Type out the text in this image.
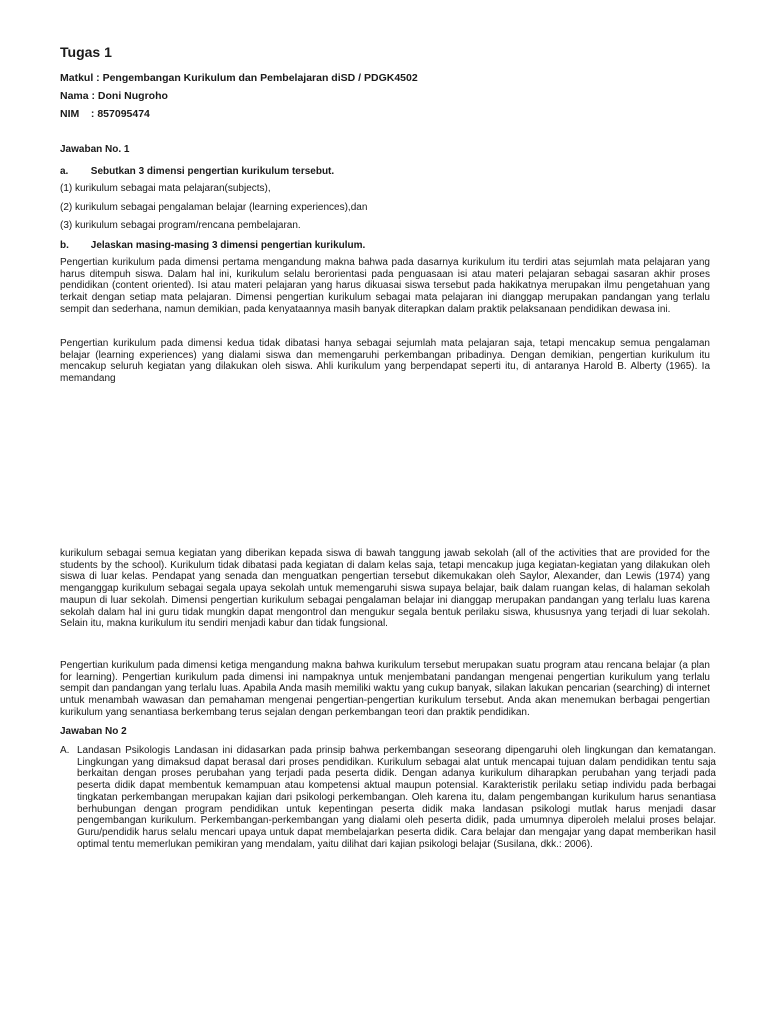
Tugas 1
Matkul : Pengembangan Kurikulum dan Pembelajaran diSD / PDGK4502
Nama : Doni Nugroho
NIM : 857095474
Jawaban No. 1
a. Sebutkan 3 dimensi pengertian kurikulum tersebut.
(1) kurikulum sebagai mata pelajaran(subjects),
(2) kurikulum sebagai pengalaman belajar (learning experiences),dan
(3) kurikulum sebagai program/rencana pembelajaran.
b. Jelaskan masing-masing 3 dimensi pengertian kurikulum.

Pengertian kurikulum pada dimensi pertama mengandung makna bahwa pada dasarnya kurikulum itu terdiri atas sejumlah mata pelajaran yang harus ditempuh siswa. Dalam hal ini, kurikulum selalu berorientasi pada penguasaan isi atau materi pelajaran sebagai sasaran akhir proses pendidikan (content oriented). Isi atau materi pelajaran yang harus dikuasai siswa tersebut pada hakikatnya merupakan ilmu pengetahuan yang terkait dengan setiap mata pelajaran. Dimensi pengertian kurikulum sebagai mata pelajaran ini dianggap merupakan pandangan yang terlalu sempit dan sederhana, namun demikian, pada kenyataannya masih banyak diterapkan dalam praktik pelaksanaan pendidikan dewasa ini.

Pengertian kurikulum pada dimensi kedua tidak dibatasi hanya sebagai sejumlah mata pelajaran saja, tetapi mencakup semua pengalaman belajar (learning experiences) yang dialami siswa dan memengaruhi perkembangan pribadinya. Dengan demikian, pengertian kurikulum itu mencakup seluruh kegiatan yang dilakukan oleh siswa. Ahli kurikulum yang berpendapat seperti itu, di antaranya Harold B. Alberty (1965). Ia memandang

kurikulum sebagai semua kegiatan yang diberikan kepada siswa di bawah tanggung jawab sekolah (all of the activities that are provided for the students by the school). Kurikulum tidak dibatasi pada kegiatan di dalam kelas saja, tetapi mencakup juga kegiatan-kegiatan yang dilakukan oleh siswa di luar kelas. Pendapat yang senada dan menguatkan pengertian tersebut dikemukakan oleh Saylor, Alexander, dan Lewis (1974) yang menganggap kurikulum sebagai segala upaya sekolah untuk memengaruhi siswa supaya belajar, baik dalam ruangan kelas, di halaman sekolah maupun di luar sekolah. Dimensi pengertian kurikulum sebagai pengalaman belajar ini dianggap merupakan pandangan yang terlalu luas karena sekolah dalam hal ini guru tidak mungkin dapat mengontrol dan mengukur segala bentuk perilaku siswa, khususnya yang terjadi di luar sekolah. Selain itu, makna kurikulum itu sendiri menjadi kabur dan tidak fungsional.

Pengertian kurikulum pada dimensi ketiga mengandung makna bahwa kurikulum tersebut merupakan suatu program atau rencana belajar (a plan for learning). Pengertian kurikulum pada dimensi ini nampaknya untuk menjembatani pandangan mengenai pengertian kurikulum yang terlalu sempit dan pandangan yang terlalu luas. Apabila Anda masih memiliki waktu yang cukup banyak, silakan lakukan pencarian (searching) di internet untuk menambah wawasan dan pemahaman mengenai pengertian-pengertian kurikulum tersebut. Anda akan menemukan berbagai pengertian kurikulum yang senantiasa berkembang terus sejalan dengan perkembangan teori dan praktik pendidikan.

Jawaban No 2
A. Landasan Psikologis Landasan ini didasarkan pada prinsip bahwa perkembangan seseorang dipengaruhi oleh lingkungan dan kematangan. Lingkungan yang dimaksud dapat berasal dari proses pendidikan. Kurikulum sebagai alat untuk mencapai tujuan dalam pendidikan tentu saja berkaitan dengan proses perubahan yang terjadi pada peserta didik. Dengan adanya kurikulum diharapkan perubahan yang terjadi pada peserta didik dapat membentuk kemampuan atau kompetensi aktual maupun potensial. Karakteristik perilaku setiap individu pada berbagai tingkatan perkembangan merupakan kajian dari psikologi perkembangan. Oleh karena itu, dalam pengembangan kurikulum harus senantiasa berhubungan dengan program pendidikan untuk kepentingan peserta didik maka landasan psikologi mutlak harus menjadi dasar pengembangan kurikulum. Perkembangan-perkembangan yang dialami oleh peserta didik, pada umumnya diperoleh melalui proses belajar. Guru/pendidik harus selalu mencari upaya untuk dapat membelajarkan peserta didik. Cara belajar dan mengajar yang dapat memberikan hasil optimal tentu memerlukan pemikiran yang mendalam, yaitu dilihat dari kajian psikologi belajar (Susilana, dkk.: 2006).
